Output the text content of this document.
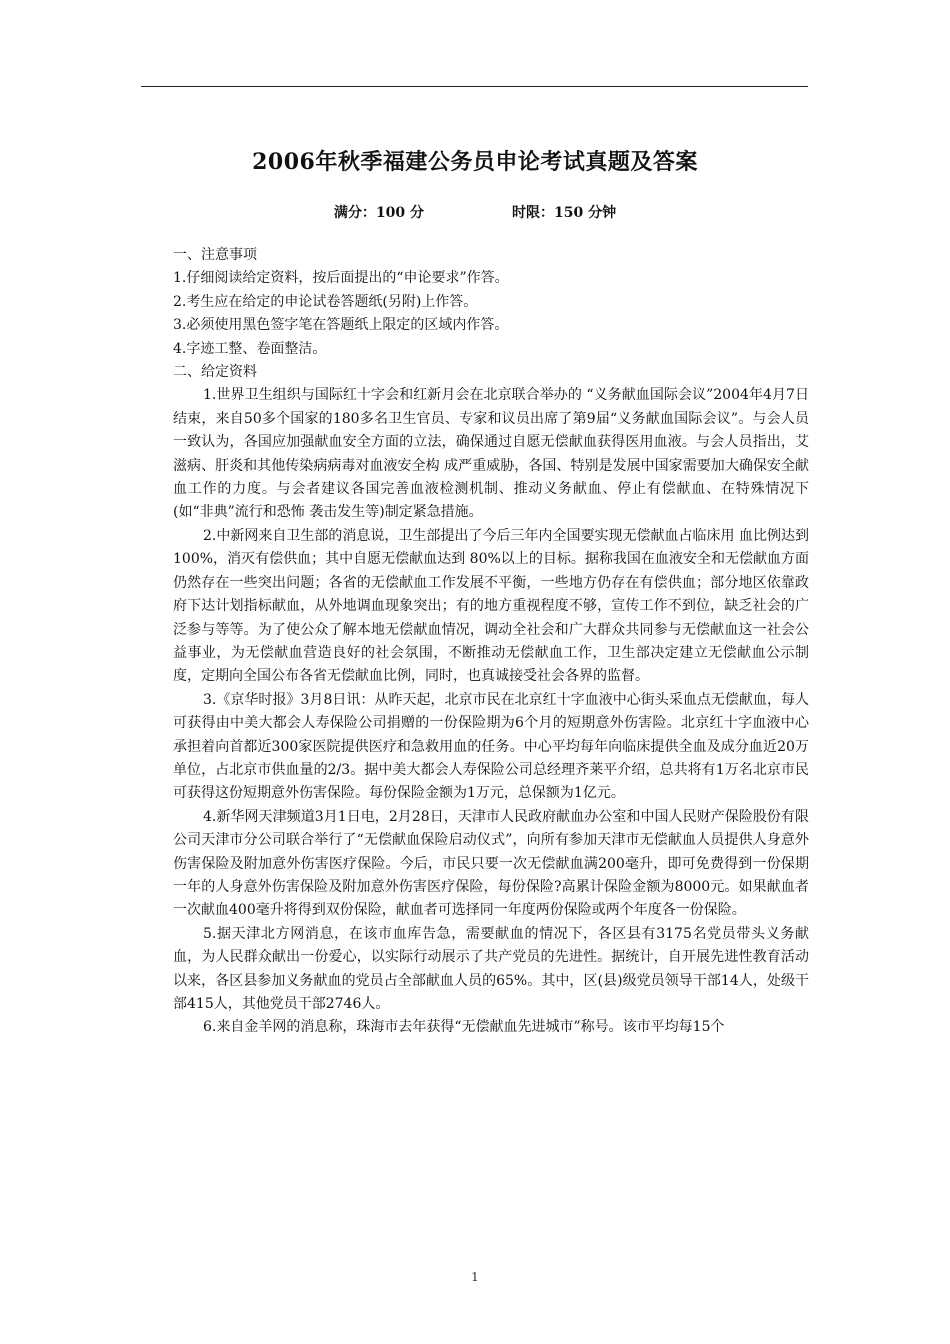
2006年秋季福建公务员申论考试真题及答案
满分：100 分	时限：150 分钟

一、注意事项

1.仔细阅读给定资料，按后面提出的“申论要求”作答。

2.考生应在给定的申论试卷答题纸(另附)上作答。

3.必须使用黑色签字笔在答题纸上限定的区域内作答。

4.字迹工整、卷面整洁。

二、给定资料

1.世界卫生组织与国际红十字会和红新月会在北京联合举办的 “义务献血国际会议”2004年4月7日结束，来自50多个国家的180多名卫生官员、专家和议员出席了第9届“义务献血国际会议”。与会人员一致认为，各国应加强献血安全方面的立法，确保通过自愿无偿献血获得医用血液。与会人员指出，艾滋病、肝炎和其他传染病病毒对血液安全构 成严重威胁，各国、特别是发展中国家需要加大确保安全献血工作的力度。与会者建议各国完善血液检测机制、推动义务献血、停止有偿献血、在特殊情况下(如“非典”流行和恐怖 袭击发生等)制定紧急措施。

2.中新网来自卫生部的消息说，卫生部提出了今后三年内全国要实现无偿献血占临床用 血比例达到 100%，消灭有偿供血；其中自愿无偿献血达到 80%以上的目标。据称我国在血液安全和无偿献血方面仍然存在一些突出问题；各省的无偿献血工作发展不平衡，一些地方仍存在有偿供血；部分地区依靠政府下达计划指标献血，从外地调血现象突出；有的地方重视程度不够，宣传工作不到位，缺乏社会的广泛参与等等。为了使公众了解本地无偿献血情况，调动全社会和广大群众共同参与无偿献血这一社会公益事业，为无偿献血营造良好的社会氛围，不断推动无偿献血工作，卫生部决定建立无偿献血公示制度，定期向全国公布各省无偿献血比例，同时，也真诚接受社会各界的监督。

3.《京华时报》3月8日讯：从昨天起，北京市民在北京红十字血液中心街头采血点无偿献血，每人可获得由中美大都会人寿保险公司捐赠的一份保险期为6个月的短期意外伤害险。北京红十字血液中心承担着向首都近300家医院提供医疗和急救用血的任务。中心平均每年向临床提供全血及成分血近20万单位，占北京市供血量的2/3。据中美大都会人寿保险公司总经理齐莱平介绍，总共将有1万名北京市民可获得这份短期意外伤害保险。每份保险金额为1万元，总保额为1亿元。

4.新华网天津频道3月1日电，2月28日，天津市人民政府献血办公室和中国人民财产保险股份有限公司天津市分公司联合举行了“无偿献血保险启动仪式”，向所有参加天津市无偿献血人员提供人身意外伤害保险及附加意外伤害医疗保险。今后，市民只要一次无偿献血满200毫升，即可免费得到一份保期一年的人身意外伤害保险及附加意外伤害医疗保险，每份保险?高累计保险金额为8000元。如果献血者一次献血400毫升将得到双份保险，献血者可选择同一年度两份保险或两个年度各一份保险。

5.据天津北方网消息，在该市血库告急，需要献血的情况下，各区县有3175名党员带头义务献血，为人民群众献出一份爱心，以实际行动展示了共产党员的先进性。据统计，自开展先进性教育活动以来，各区县参加义务献血的党员占全部献血人员的65%。其中，区(县)级党员领导干部14人，处级干部415人，其他党员干部2746人。

6.来自金羊网的消息称，珠海市去年获得“无偿献血先进城市”称号。该市平均每15个

1
